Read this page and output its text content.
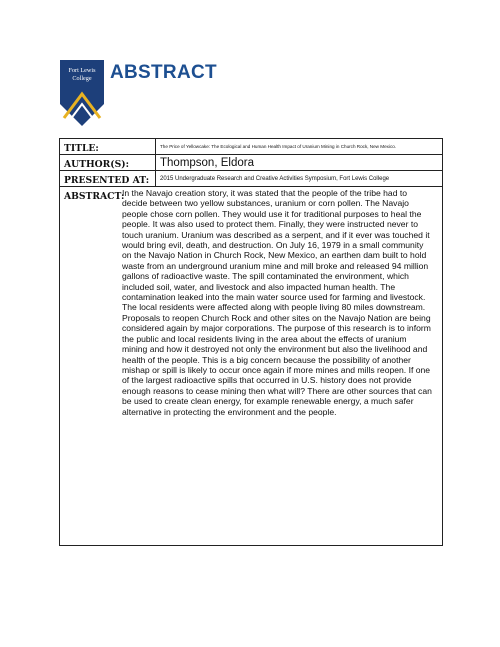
Fort Lewis
College ABSTRACT
TITLE:	The Price of Yellowcake: The Ecological and Human Health Impact of Uranium Mining in Church Rock, New Mexico.
AUTHOR(S):	Thompson, Eldora
PRESENTED AT:	2015 Undergraduate Research and Creative Activities Symposium, Fort Lewis College
ABSTRACT:
In the Navajo creation story, it was stated that the people of the tribe had to decide between two yellow substances, uranium or corn pollen. The Navajo people chose corn pollen. They would use it for traditional purposes to heal the people. It was also used to protect them. Finally, they were instructed never to touch uranium. Uranium was described as a serpent, and if it ever was touched it would bring evil, death, and destruction. On July 16, 1979 in a small community on the Navajo Nation in Church Rock, New Mexico, an earthen dam built to hold waste from an underground uranium mine and mill broke and released 94 million gallons of radioactive waste. The spill contaminated the environment, which included soil, water, and livestock and also impacted human health. The contamination leaked into the main water source used for farming and livestock. The local residents were affected along with people living 80 miles downstream. Proposals to reopen Church Rock and other sites on the Navajo Nation are being considered again by major corporations. The purpose of this research is to inform the public and local residents living in the area about the effects of uranium mining and how it destroyed not only the environment but also the livelihood and health of the people. This is a big concern because the possibility of another mishap or spill is likely to occur once again if more mines and mills reopen. If one of the largest radioactive spills that occurred in U.S. history does not provide enough reasons to cease mining then what will? There are other sources that can be used to create clean energy, for example renewable energy, a much safer alternative in protecting the environment and the people.
